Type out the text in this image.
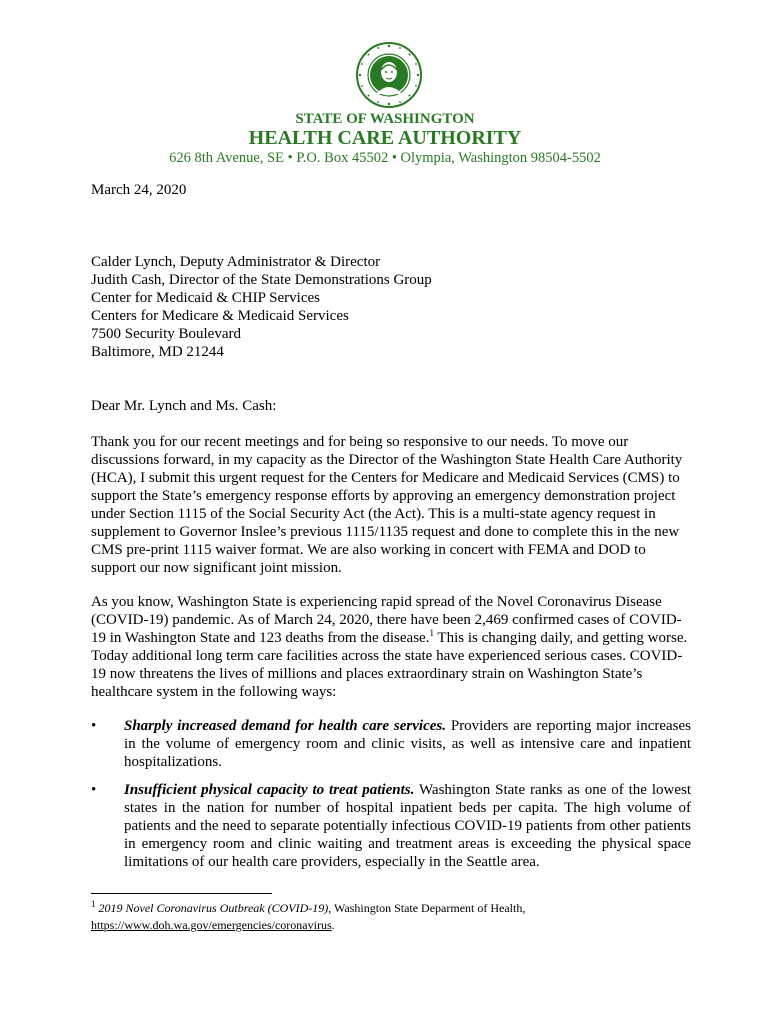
STATE OF WASHINGTON
HEALTH CARE AUTHORITY
626 8th Avenue, SE • P.O. Box 45502 • Olympia, Washington 98504-5502

March 24, 2020

Calder Lynch, Deputy Administrator & Director
Judith Cash, Director of the State Demonstrations Group
Center for Medicaid & CHIP Services
Centers for Medicare & Medicaid Services
7500 Security Boulevard
Baltimore, MD 21244

Dear Mr. Lynch and Ms. Cash:

Thank you for our recent meetings and for being so responsive to our needs. To move our discussions forward, in my capacity as the Director of the Washington State Health Care Authority (HCA), I submit this urgent request for the Centers for Medicare and Medicaid Services (CMS) to support the State’s emergency response efforts by approving an emergency demonstration project under Section 1115 of the Social Security Act (the Act). This is a multi-state agency request in supplement to Governor Inslee’s previous 1115/1135 request and done to complete this in the new CMS pre-print 1115 waiver format. We are also working in concert with FEMA and DOD to support our now significant joint mission.

As you know, Washington State is experiencing rapid spread of the Novel Coronavirus Disease (COVID-19) pandemic. As of March 24, 2020, there have been 2,469 confirmed cases of COVID-19 in Washington State and 123 deaths from the disease.$^1$ This is changing daily, and getting worse. Today additional long term care facilities across the state have experienced serious cases. COVID-19 now threatens the lives of millions and places extraordinary strain on Washington State’s healthcare system in the following ways:

•	Sharply increased demand for health care services. Providers are reporting major increases in the volume of emergency room and clinic visits, as well as intensive care and inpatient hospitalizations.
•	Insufficient physical capacity to treat patients. Washington State ranks as one of the lowest states in the nation for number of hospital inpatient beds per capita. The high volume of patients and the need to separate potentially infectious COVID-19 patients from other patients in emergency room and clinic waiting and treatment areas is exceeding the physical space limitations of our health care providers, especially in the Seattle area.
$^1$ 2019 Novel Coronavirus Outbreak (COVID-19), Washington State Deparment of Health,
https://www.doh.wa.gov/emergencies/coronavirus.
